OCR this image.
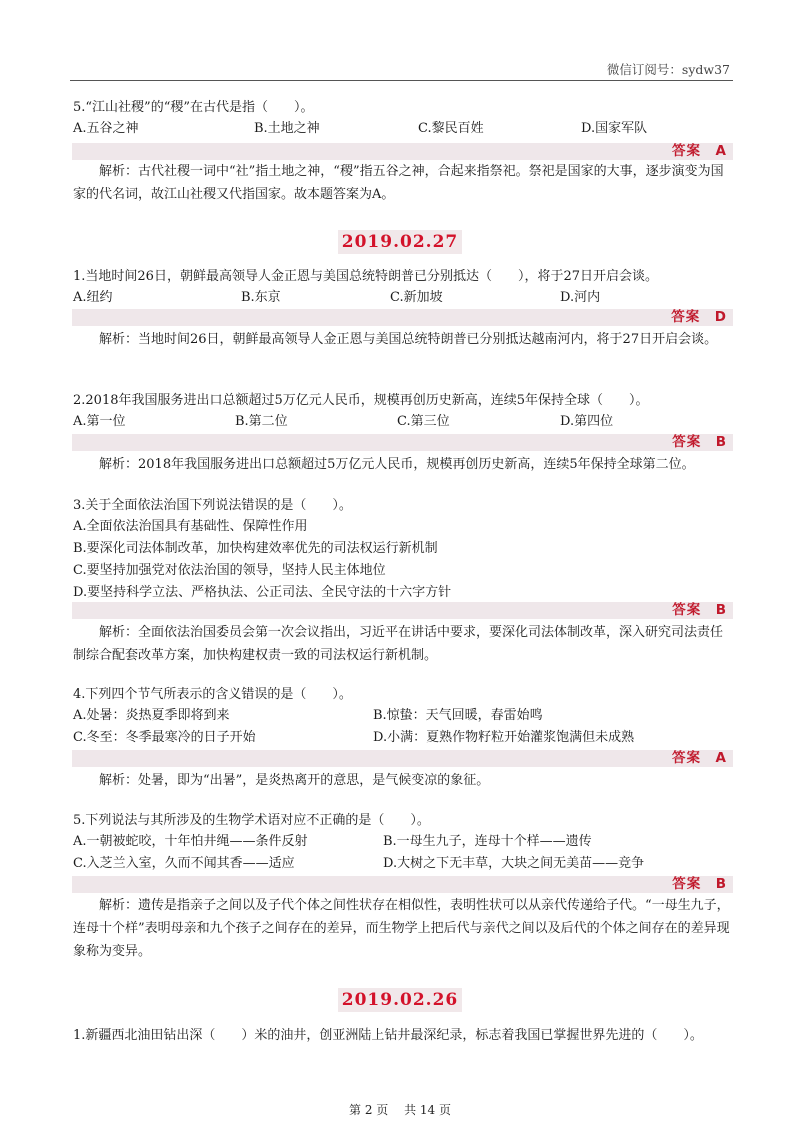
微信订阅号：sydw37
5.“江山社稷”的“稷”在古代是指（　　）。
A.五谷之神	B.土地之神	C.黎民百姓	D.国家军队
答案　 A
解析：古代社稷一词中“社”指土地之神，“稷”指五谷之神，合起来指祭祀。祭祀是国家的大事，逐步演变为国家的代名词，故江山社稷又代指国家。故本题答案为A。
2019.02.27
1.当地时间26日，朝鲜最高领导人金正恩与美国总统特朗普已分别抵达（　　），将于27日开启会谈。
A.纽约	B.东京	C.新加坡	D.河内
答案　 D
解析：当地时间26日，朝鲜最高领导人金正恩与美国总统特朗普已分别抵达越南河内，将于27日开启会谈。
2.2018年我国服务进出口总额超过5万亿元人民币，规模再创历史新高，连续5年保持全球（　　）。
A.第一位	B.第二位	C.第三位	D.第四位
答案　 B
解析：2018年我国服务进出口总额超过5万亿元人民币，规模再创历史新高，连续5年保持全球第二位。
3.关于全面依法治国下列说法错误的是（　　）。
A.全面依法治国具有基础性、保障性作用
B.要深化司法体制改革，加快构建效率优先的司法权运行新机制
C.要坚持加强党对依法治国的领导，坚持人民主体地位
D.要坚持科学立法、严格执法、公正司法、全民守法的十六字方针
答案　 B
解析：全面依法治国委员会第一次会议指出，习近平在讲话中要求，要深化司法体制改革，深入研究司法责任制综合配套改革方案，加快构建权责一致的司法权运行新机制。
4.下列四个节气所表示的含义错误的是（　　）。
A.处暑：炎热夏季即将到来	B.惊蛰：天气回暖，春雷始鸣
C.冬至：冬季最寒冷的日子开始	D.小满：夏熟作物籽粒开始灌浆饱满但未成熟
答案　 A
解析：处暑，即为“出暑”，是炎热离开的意思，是气候变凉的象征。
5.下列说法与其所涉及的生物学术语对应不正确的是（　　）。
A.一朝被蛇咬，十年怕井绳——条件反射	B.一母生九子，连母十个样——遗传
C.入芝兰入室，久而不闻其香——适应	D.大树之下无丰草，大块之间无美苗——竞争
答案　 B
解析：遗传是指亲子之间以及子代个体之间性状存在相似性，表明性状可以从亲代传递给子代。“一母生九子，连母十个样”表明母亲和九个孩子之间存在的差异，而生物学上把后代与亲代之间以及后代的个体之间存在的差异现象称为变异。
2019.02.26
1.新疆西北油田钻出深（　　）米的油井，创亚洲陆上钻井最深纪录，标志着我国已掌握世界先进的（　　）。
第 2 页 共 14 页
